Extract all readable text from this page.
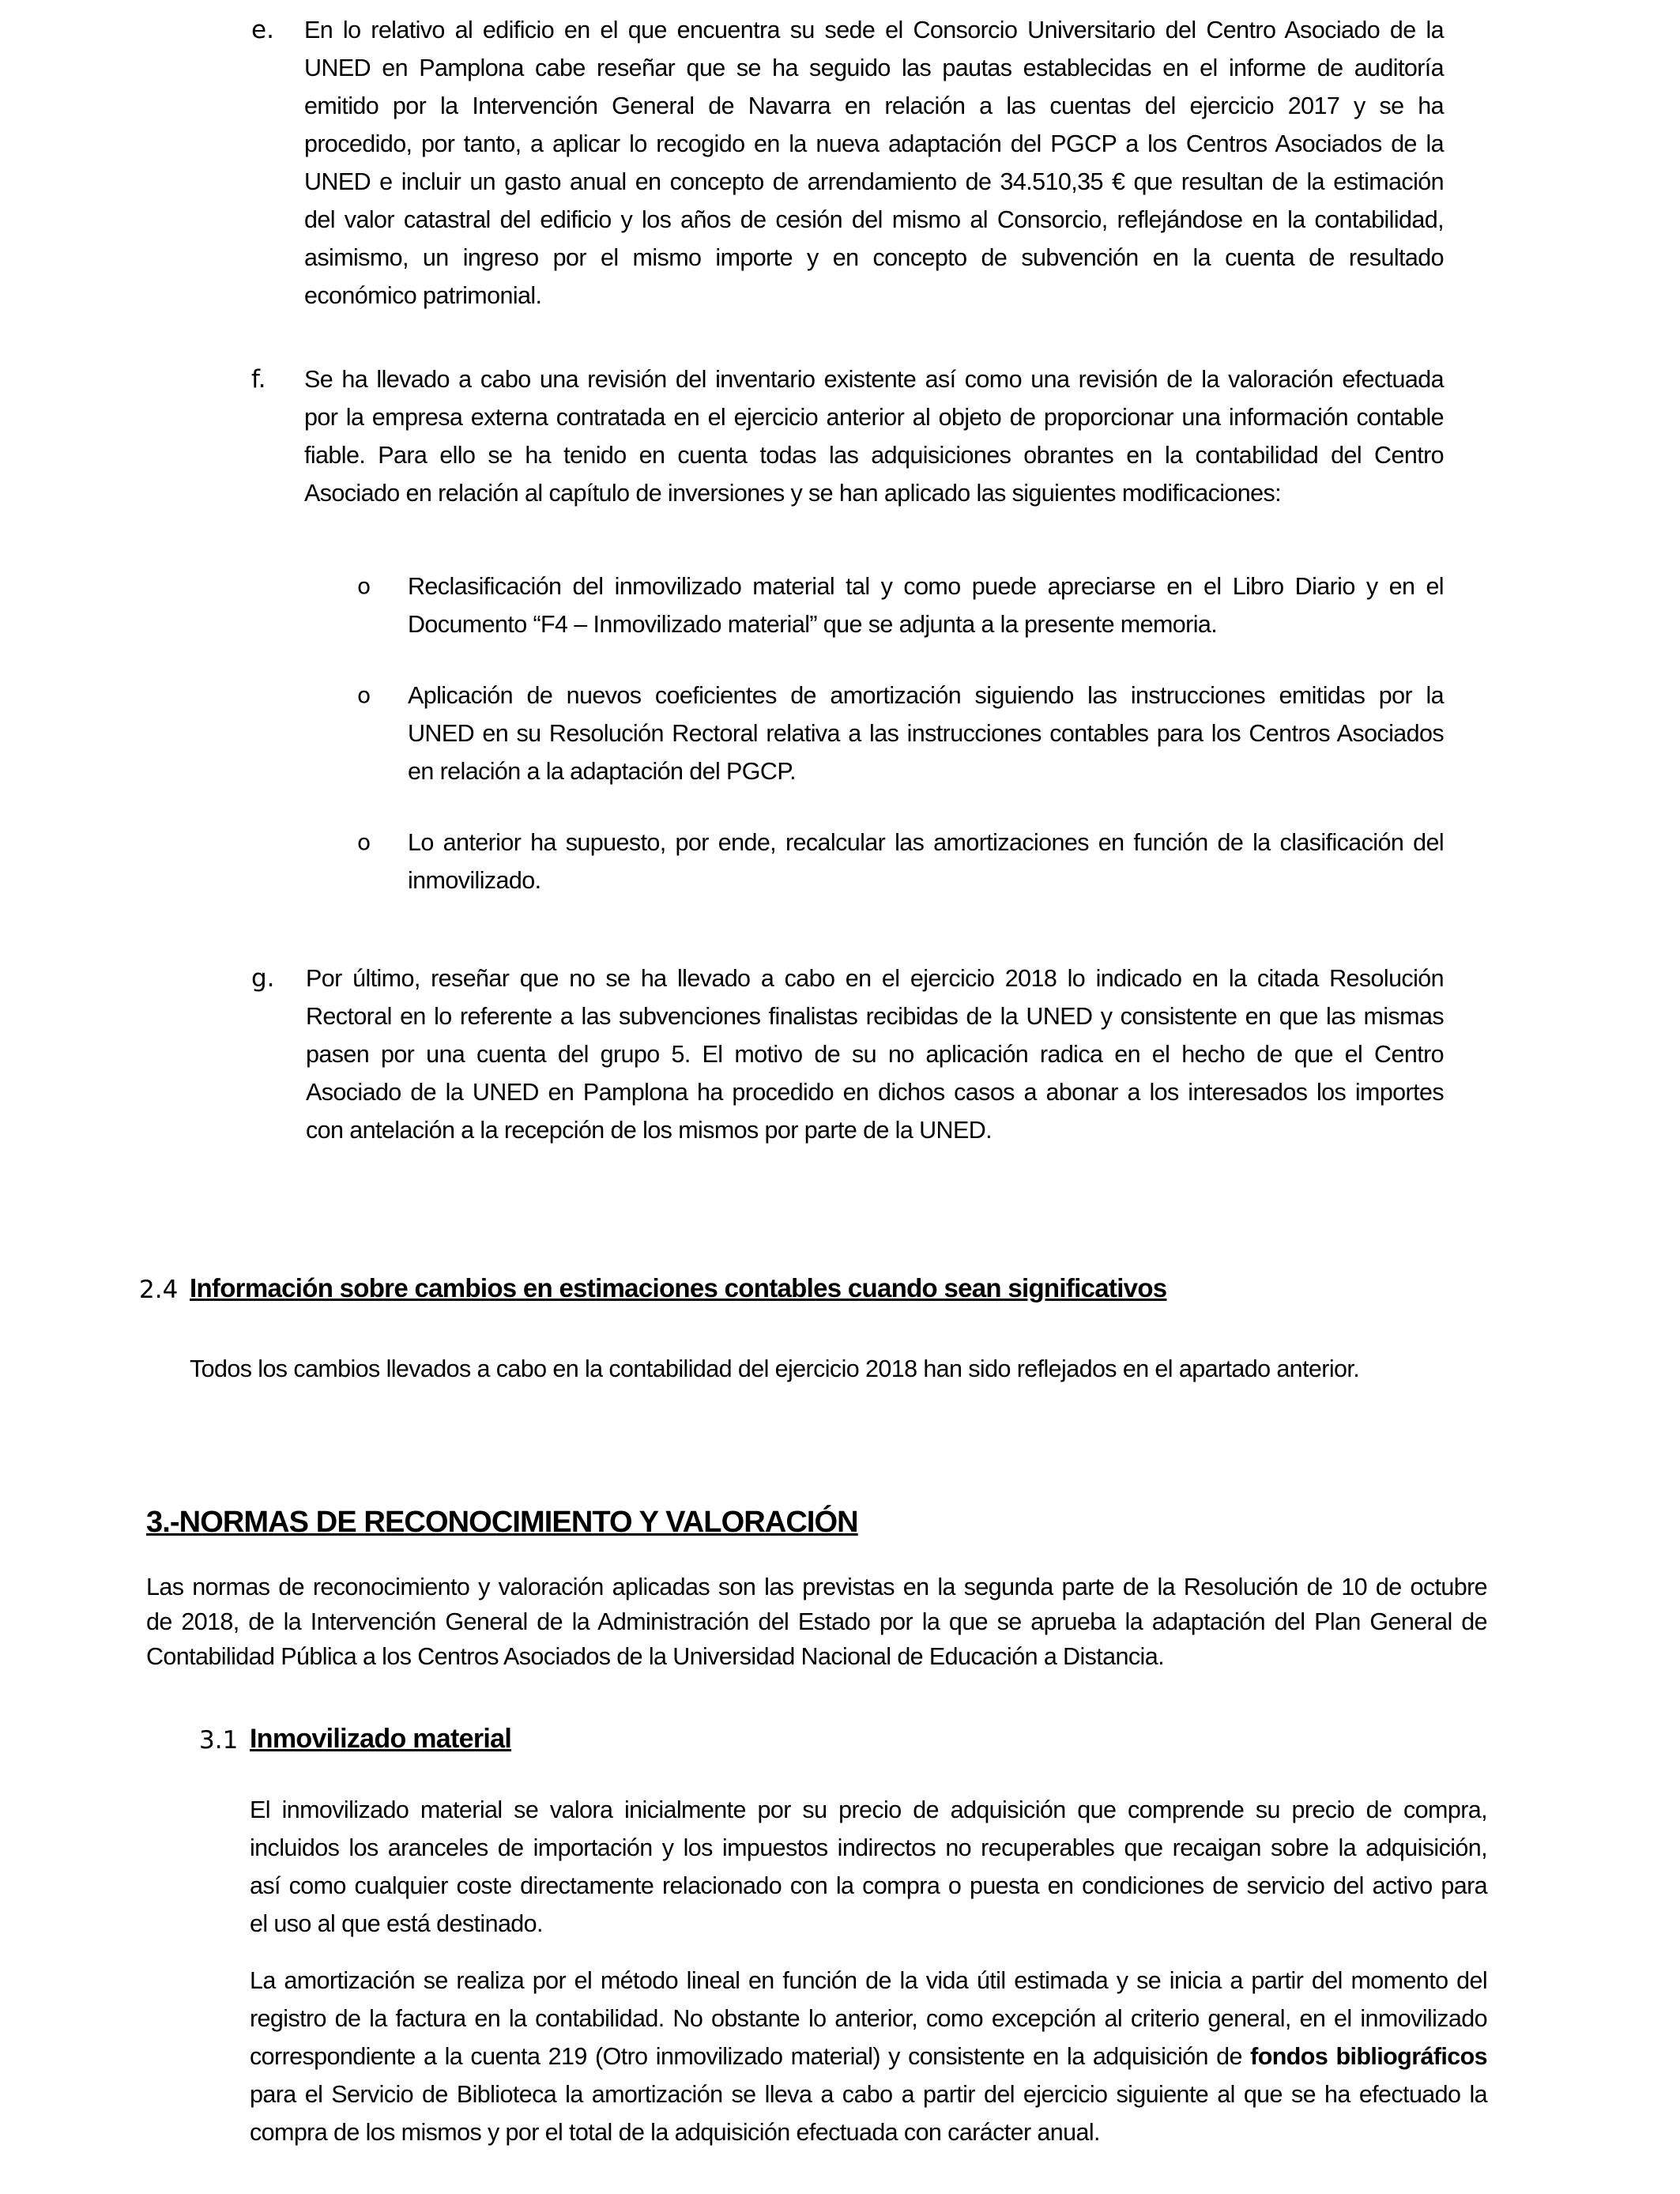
e. En lo relativo al edificio en el que encuentra su sede el Consorcio Universitario del Centro Asociado de la
UNED en Pamplona cabe reseñar que se ha seguido las pautas establecidas en el informe de auditoría
emitido por la Intervención General de Navarra en relación a las cuentas del ejercicio 2017 y se ha
procedido, por tanto, a aplicar lo recogido en la nueva adaptación del PGCP a los Centros Asociados de la
UNED e incluir un gasto anual en concepto de arrendamiento de 34.510,35 € que resultan de la estimación
del valor catastral del edificio y los años de cesión del mismo al Consorcio, reflejándose en la contabilidad,
asimismo, un ingreso por el mismo importe y en concepto de subvención en la cuenta de resultado
económico patrimonial.
f. Se ha llevado a cabo una revisión del inventario existente así como una revisión de la valoración efectuada
por la empresa externa contratada en el ejercicio anterior al objeto de proporcionar una información contable
fiable. Para ello se ha tenido en cuenta todas las adquisiciones obrantes en la contabilidad del Centro
Asociado en relación al capítulo de inversiones y se han aplicado las siguientes modificaciones:
o Reclasificación del inmovilizado material tal y como puede apreciarse en el Libro Diario y en el
Documento “F4 – Inmovilizado material” que se adjunta a la presente memoria.
o Aplicación de nuevos coeficientes de amortización siguiendo las instrucciones emitidas por la
UNED en su Resolución Rectoral relativa a las instrucciones contables para los Centros Asociados
en relación a la adaptación del PGCP.
o Lo anterior ha supuesto, por ende, recalcular las amortizaciones en función de la clasificación del
inmovilizado.
g. Por último, reseñar que no se ha llevado a cabo en el ejercicio 2018 lo indicado en la citada Resolución
Rectoral en lo referente a las subvenciones finalistas recibidas de la UNED y consistente en que las mismas
pasen por una cuenta del grupo 5. El motivo de su no aplicación radica en el hecho de que el Centro
Asociado de la UNED en Pamplona ha procedido en dichos casos a abonar a los interesados los importes
con antelación a la recepción de los mismos por parte de la UNED.
2.4 Información sobre cambios en estimaciones contables cuando sean significativos
Todos los cambios llevados a cabo en la contabilidad del ejercicio 2018 han sido reflejados en el apartado anterior.
3.-NORMAS DE RECONOCIMIENTO Y VALORACIÓN
Las normas de reconocimiento y valoración aplicadas son las previstas en la segunda parte de la Resolución de 10 de octubre
de 2018, de la Intervención General de la Administración del Estado por la que se aprueba la adaptación del Plan General de
Contabilidad Pública a los Centros Asociados de la Universidad Nacional de Educación a Distancia.
3.1 Inmovilizado material
El inmovilizado material se valora inicialmente por su precio de adquisición que comprende su precio de compra,
incluidos los aranceles de importación y los impuestos indirectos no recuperables que recaigan sobre la adquisición,
así como cualquier coste directamente relacionado con la compra o puesta en condiciones de servicio del activo para
el uso al que está destinado.
La amortización se realiza por el método lineal en función de la vida útil estimada y se inicia a partir del momento del
registro de la factura en la contabilidad. No obstante lo anterior, como excepción al criterio general, en el inmovilizado
correspondiente a la cuenta 219 (Otro inmovilizado material) y consistente en la adquisición de fondos bibliográficos
para el Servicio de Biblioteca la amortización se lleva a cabo a partir del ejercicio siguiente al que se ha efectuado la
compra de los mismos y por el total de la adquisición efectuada con carácter anual.
